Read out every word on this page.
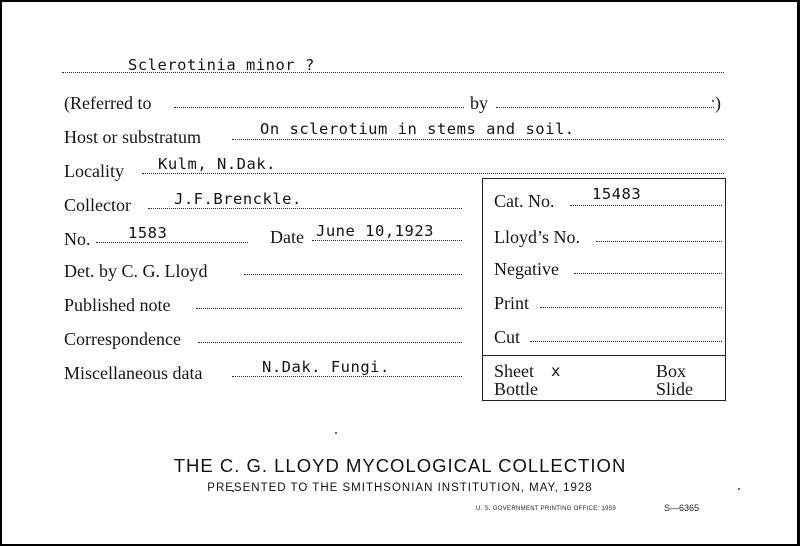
Sclerotinia minor ?
(Referred to	by	)
Host or substratum	On sclerotium in stems and soil.
Locality Kulm, N.Dak.
Collector	J.F.Brenckle.	Cat. No. 15483
No. 1583	Date June 10,1923	Lloyd’s No.
Det. by C. G. Lloyd	Negative
Published note	Print
Correspondence	Cut
Miscellaneous data	N.Dak. Fungi.	Sheet x	Box
Bottle	Slide
THE C. G. LLOYD MYCOLOGICAL COLLECTION
PRESENTED TO THE SMITHSONIAN INSTITUTION, MAY, 1928
U. S. GOVERNMENT PRINTING OFFICE: 1959	S—6365
